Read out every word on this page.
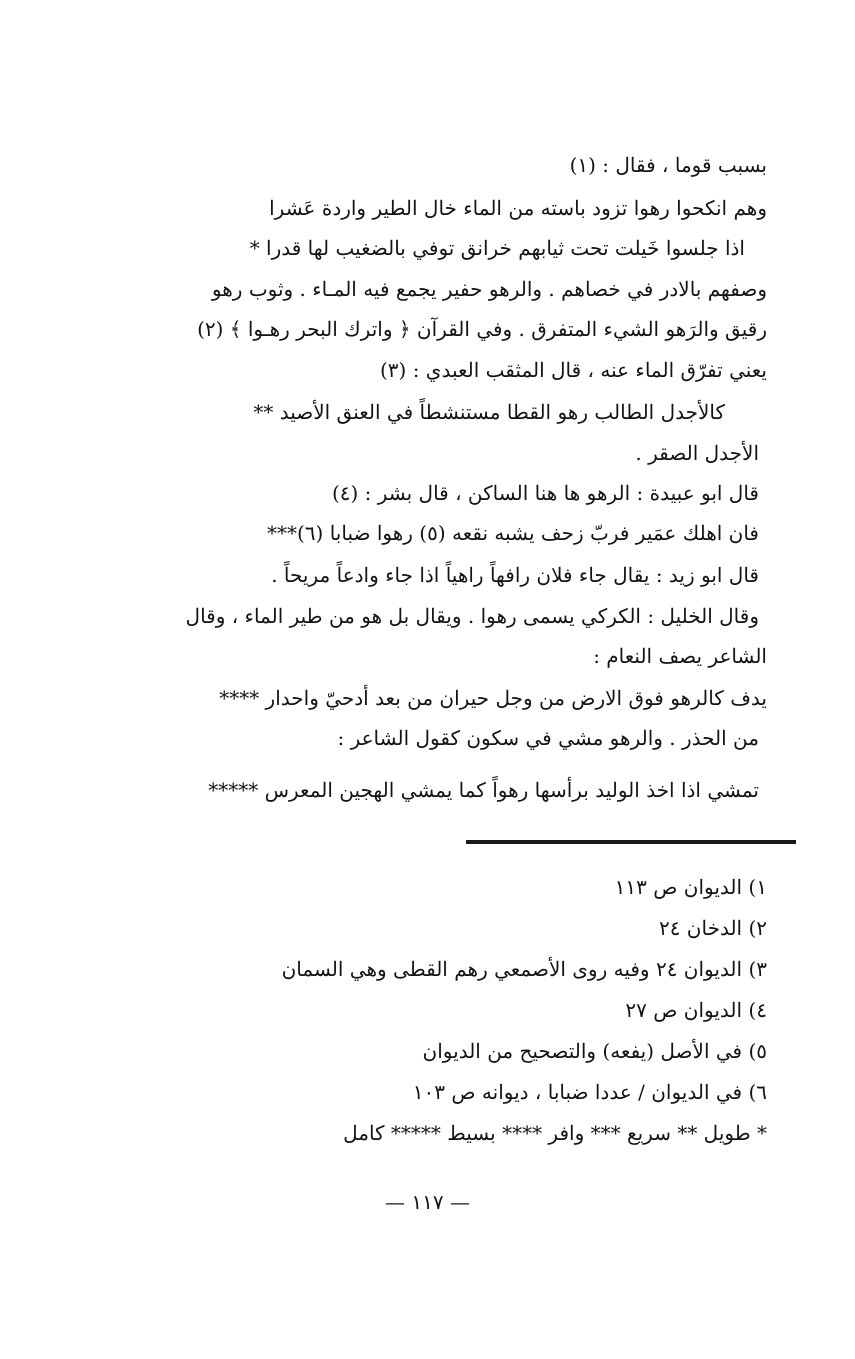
بسبب قوما ، فقال : (١)
وهم انكحوا رهوا تزود باسته من الماء خال الطير واردة عَشرا
اذا جلسوا خَيلت تحت ثيابهم خرانق توفي بالضغيب لها قدرا *
وصفهم بالادر في خصاهم . والرهو حفير يجمع فيه المـاء . وثوب رهو
رقيق والرَهو الشيء المتفرق . وفي القرآن ﴿ واترك البحر رهـوا ﴾ (٢)
يعني تفرّق الماء عنه ، قال المثقب العبدي : (٣)
كالأجدل الطالب رهو القطا مستنشطاً في العنق الأصيد **
الأجدل الصقر .
قال ابو عبيدة : الرهو ها هنا الساكن ، قال بشر : (٤)
فان اهلك عمَير فربّ زحف يشبه نقعه (٥) رهوا ضبابا (٦)***
قال ابو زيد : يقال جاء فلان رافهاً راهياً اذا جاء وادعاً مريحاً .
وقال الخليل : الكركي يسمى رهوا . ويقال بل هو من طير الماء ، وقال
الشاعر يصف النعام :
يدف كالرهو فوق الارض من وجل حيران من بعد أدحيّ واحدار ****
من الحذر . والرهو مشي في سكون كقول الشاعر :
تمشي اذا اخذ الوليد برأسها رهواً كما يمشي الهجين المعرس *****
١) الديوان ص ١١٣
٢) الدخان ٢٤
٣) الديوان ٢٤ وفيه روى الأصمعي رهم القطى وهي السمان
٤) الديوان ص ٢٧
٥) في الأصل (يفعه) والتصحيح من الديوان
٦) في الديوان / عددا ضبابا ، ديوانه ص ١٠٣
* طويل ** سريع *** وافر **** بسيط ***** كامل
— ١١٧ —
